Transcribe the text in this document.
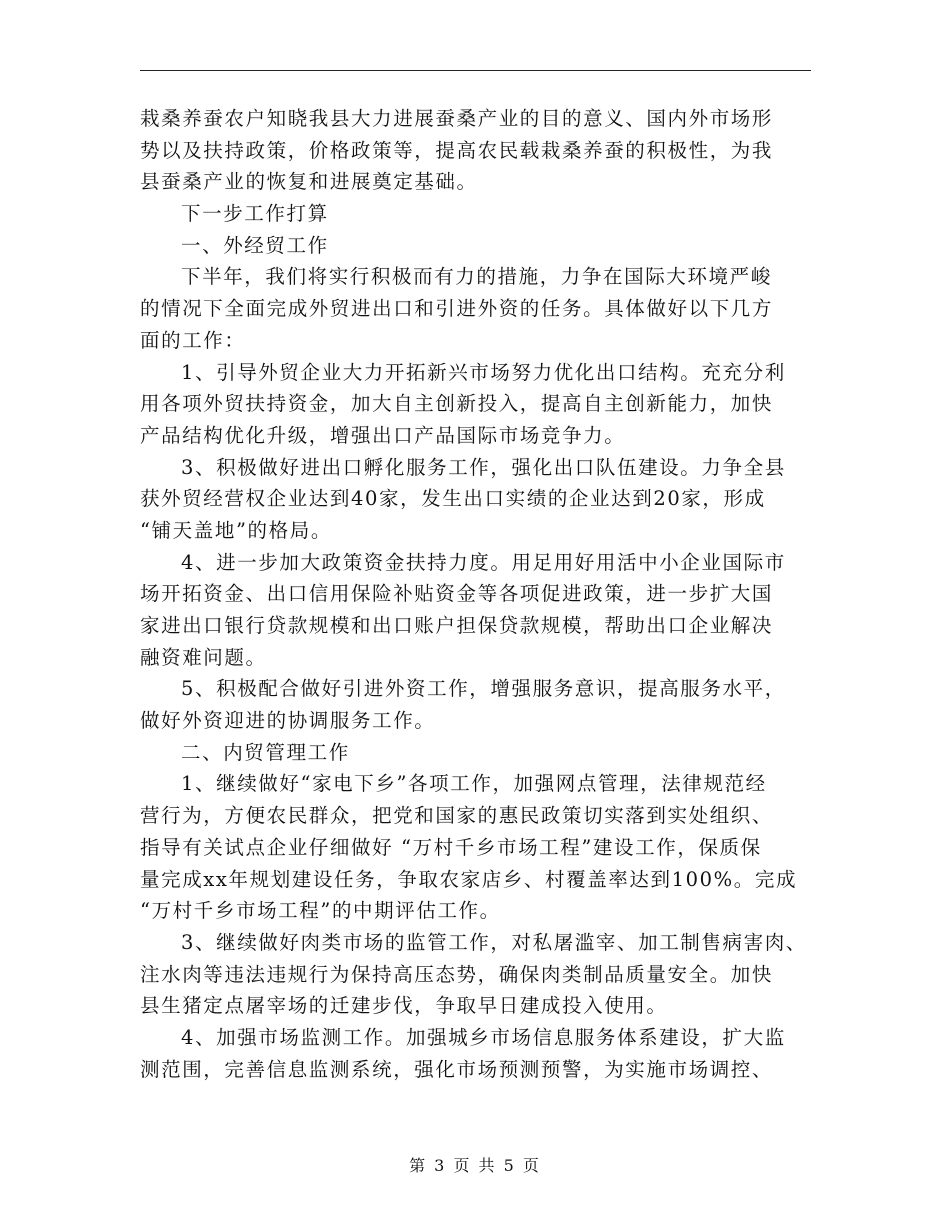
栽桑养蚕农户知晓我县大力进展蚕桑产业的目的意义、国内外市场形
势以及扶持政策，价格政策等，提高农民载栽桑养蚕的积极性，为我
县蚕桑产业的恢复和进展奠定基础。
下一步工作打算
一、外经贸工作
下半年，我们将实行积极而有力的措施，力争在国际大环境严峻
的情况下全面完成外贸进出口和引进外资的任务。具体做好以下几方
面的工作：
1、引导外贸企业大力开拓新兴市场努力优化出口结构。充充分利
用各项外贸扶持资金，加大自主创新投入，提高自主创新能力，加快
产品结构优化升级，增强出口产品国际市场竞争力。
3、积极做好进出口孵化服务工作，强化出口队伍建设。力争全县
获外贸经营权企业达到40家，发生出口实绩的企业达到20家，形成
“铺天盖地”的格局。
4、进一步加大政策资金扶持力度。用足用好用活中小企业国际市
场开拓资金、出口信用保险补贴资金等各项促进政策，进一步扩大国
家进出口银行贷款规模和出口账户担保贷款规模，帮助出口企业解决
融资难问题。
5、积极配合做好引进外资工作，增强服务意识，提高服务水平，
做好外资迎进的协调服务工作。
二、内贸管理工作
1、继续做好“家电下乡”各项工作，加强网点管理，法律规范经
营行为，方便农民群众，把党和国家的惠民政策切实落到实处组织、
指导有关试点企业仔细做好 “万村千乡市场工程”建设工作，保质保
量完成xx年规划建设任务，争取农家店乡、村覆盖率达到100%。完成
“万村千乡市场工程”的中期评估工作。
3、继续做好肉类市场的监管工作，对私屠滥宰、加工制售病害肉、
注水肉等违法违规行为保持高压态势，确保肉类制品质量安全。加快
县生猪定点屠宰场的迁建步伐，争取早日建成投入使用。
4、加强市场监测工作。加强城乡市场信息服务体系建设，扩大监
测范围，完善信息监测系统，强化市场预测预警，为实施市场调控、
第 3 页 共 5 页
